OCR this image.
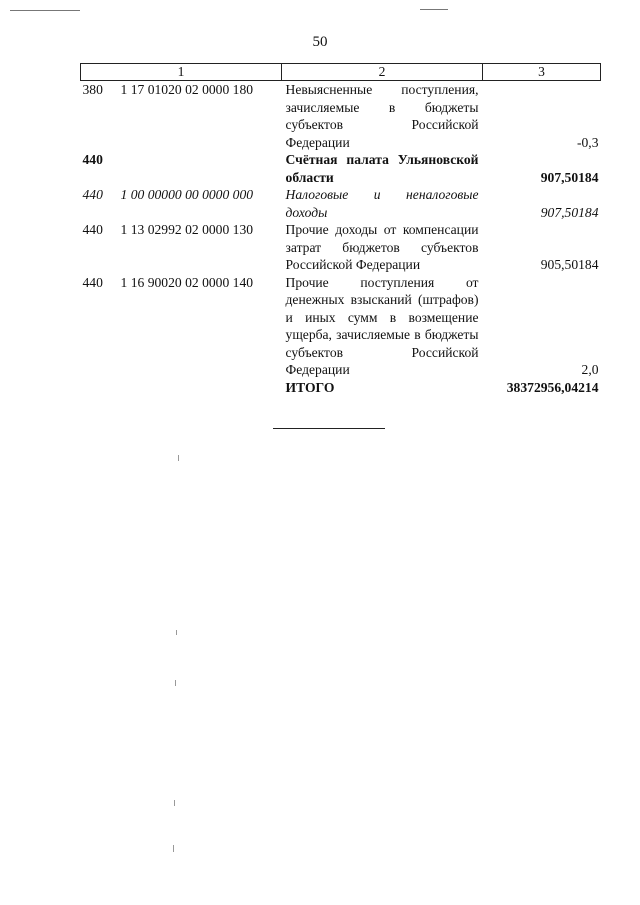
50
1		2	3
380	1 17 01020 02 0000 180	Невыясненные поступления, зачисляемые в бюджеты субъектов Российской Федерации	-0,3
440		Счётная палата Ульяновской области	907,50184
440	1 00 00000 00 0000 000	Налоговые и неналоговые доходы	907,50184
440	1 13 02992 02 0000 130	Прочие доходы от компенсации затрат бюджетов субъектов Российской Федерации	905,50184
440	1 16 90020 02 0000 140	Прочие поступления от денежных взысканий (штрафов) и иных сумм в возмещение ущерба, зачисляемые в бюджеты субъектов Российской Федерации	2,0
		ИТОГО	38372956,04214
